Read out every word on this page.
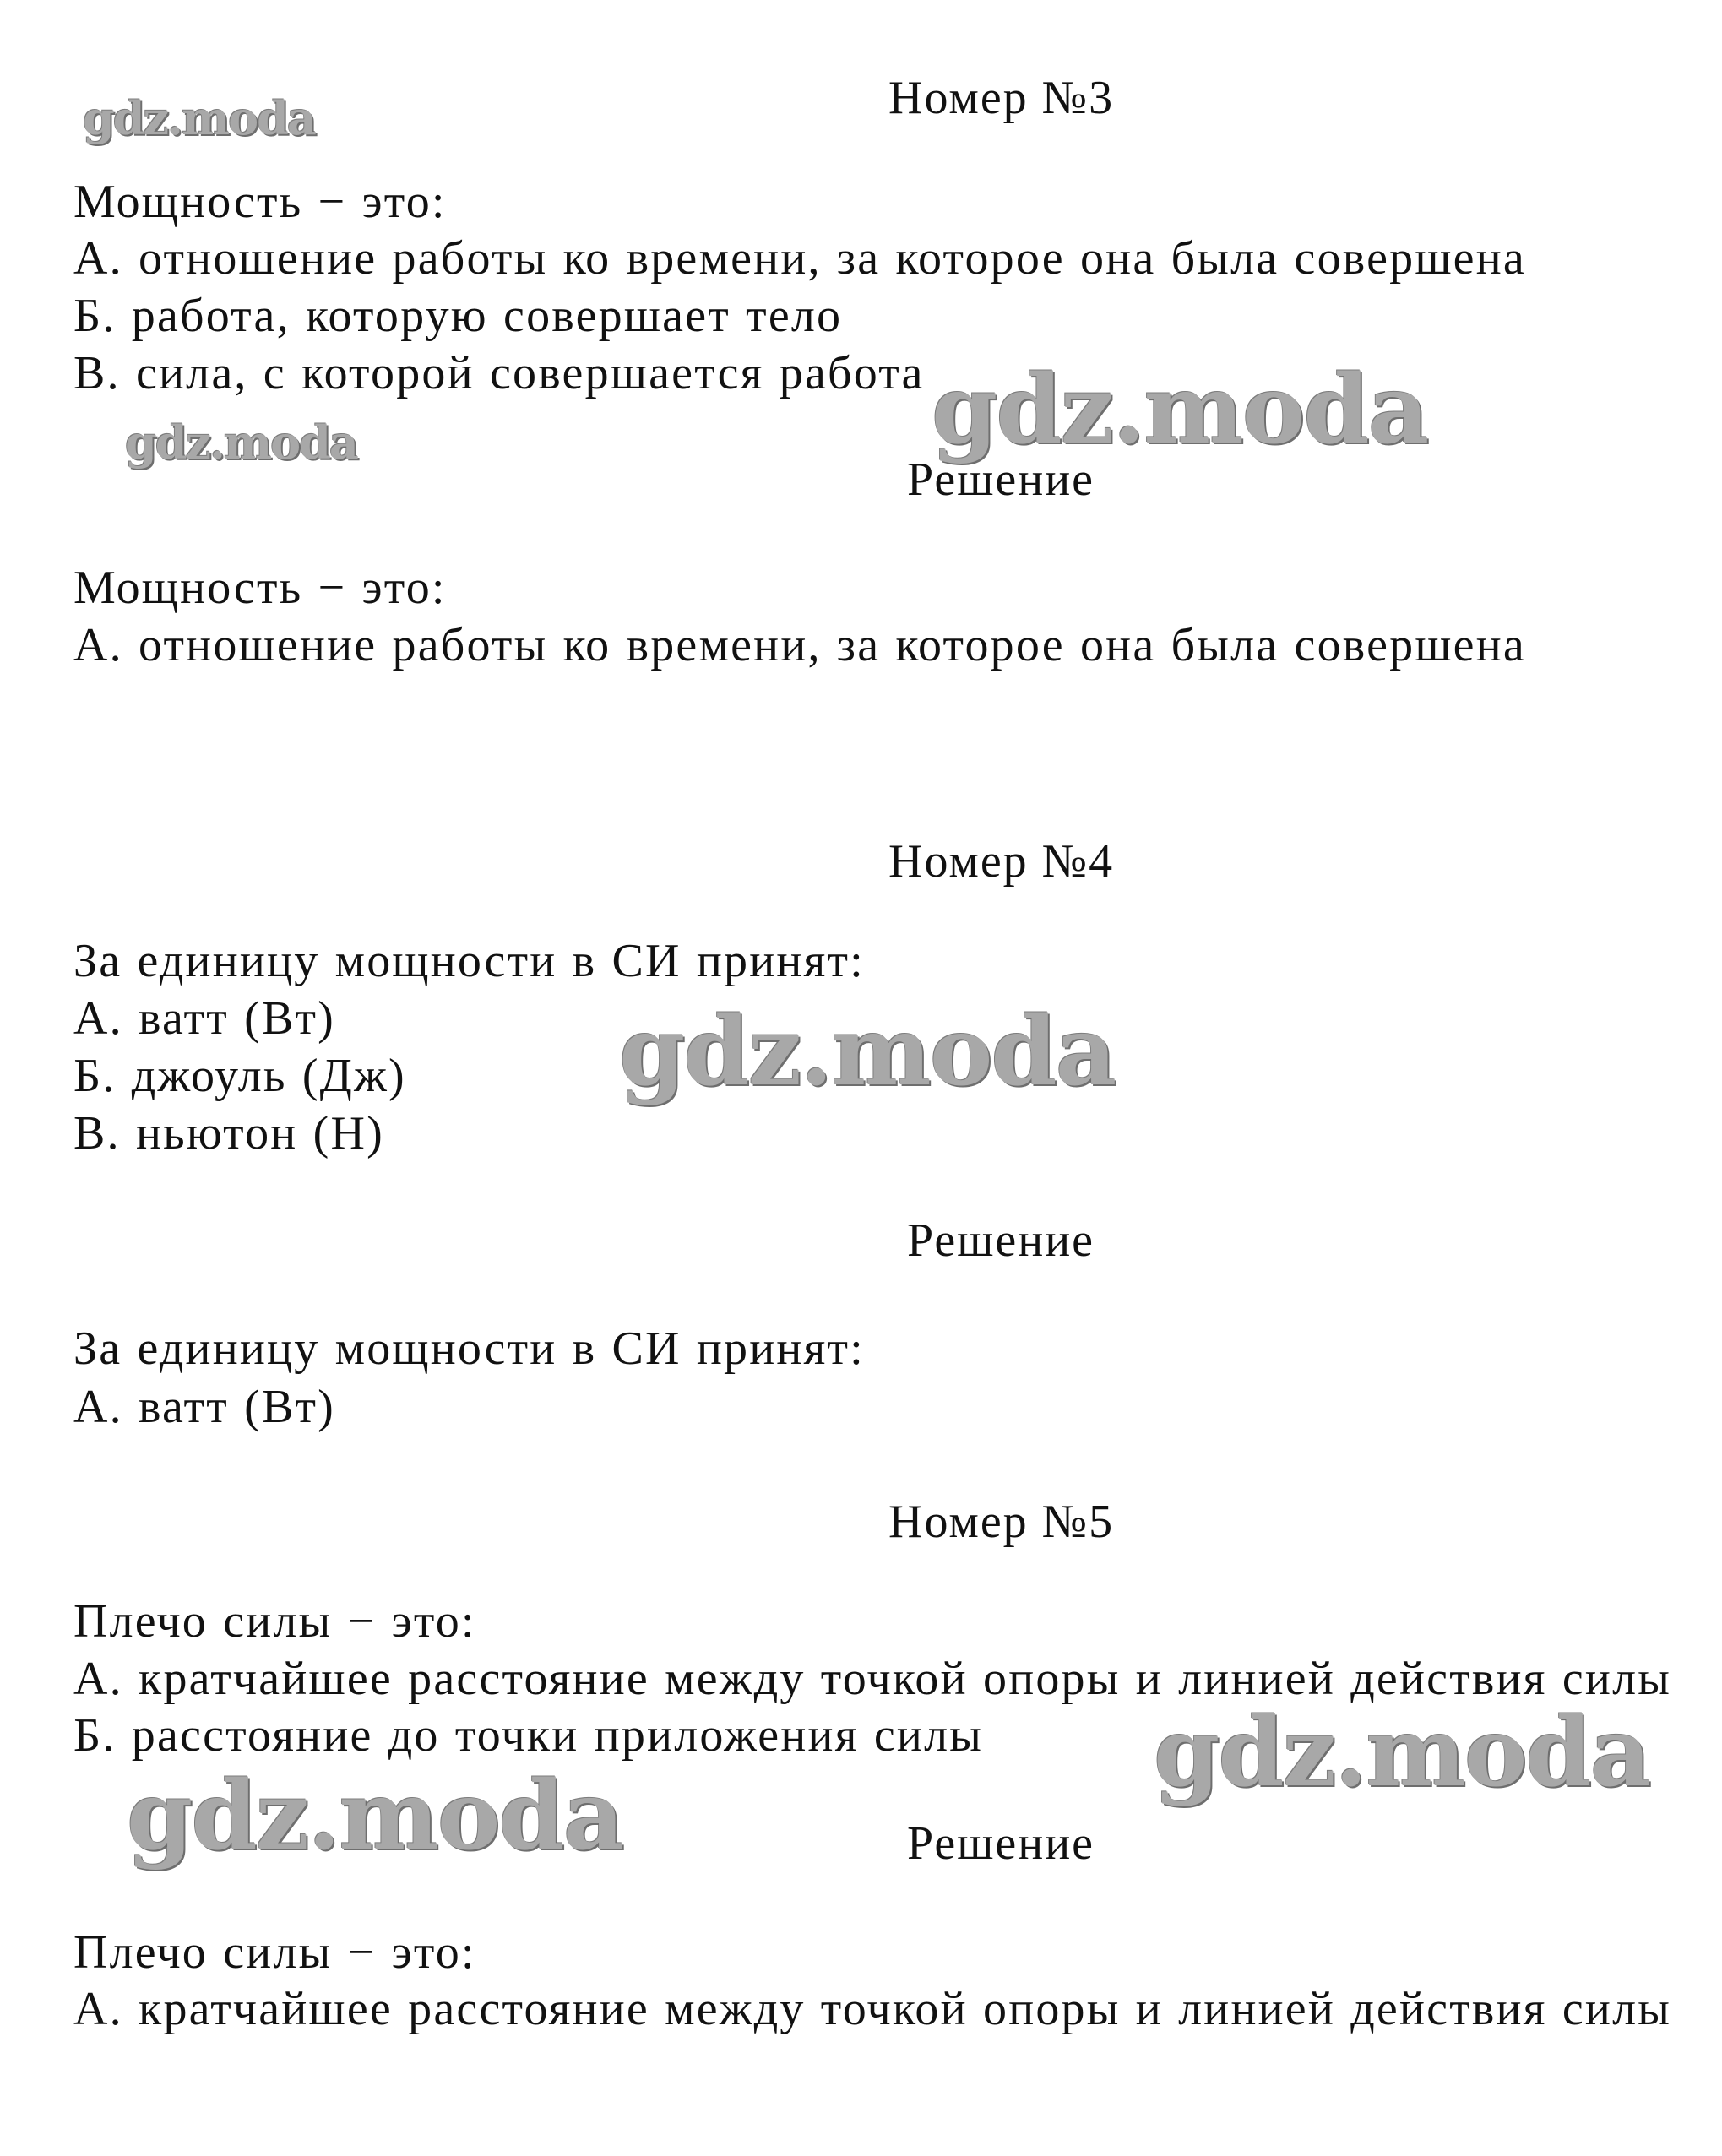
gdz.moda
gdz.moda	gdz.moda
gdz.moda
gdz.moda
gdz.moda
Номер №3
Мощность − это:
А. отношение работы ко времени, за которое она была совершена
Б. работа, которую совершает тело
В. сила, с которой совершается работа
Решение
Мощность − это:
А. отношение работы ко времени, за которое она была совершена
Номер №4
За единицу мощности в СИ принят:
А. ватт (Вт)
Б. джоуль (Дж)
В. ньютон (Н)
Решение
За единицу мощности в СИ принят:
А. ватт (Вт)
Номер №5
Плечо силы − это:
А. кратчайшее расстояние между точкой опоры и линией действия силы
Б. расстояние до точки приложения силы
Решение
Плечо силы − это:
А. кратчайшее расстояние между точкой опоры и линией действия силы
